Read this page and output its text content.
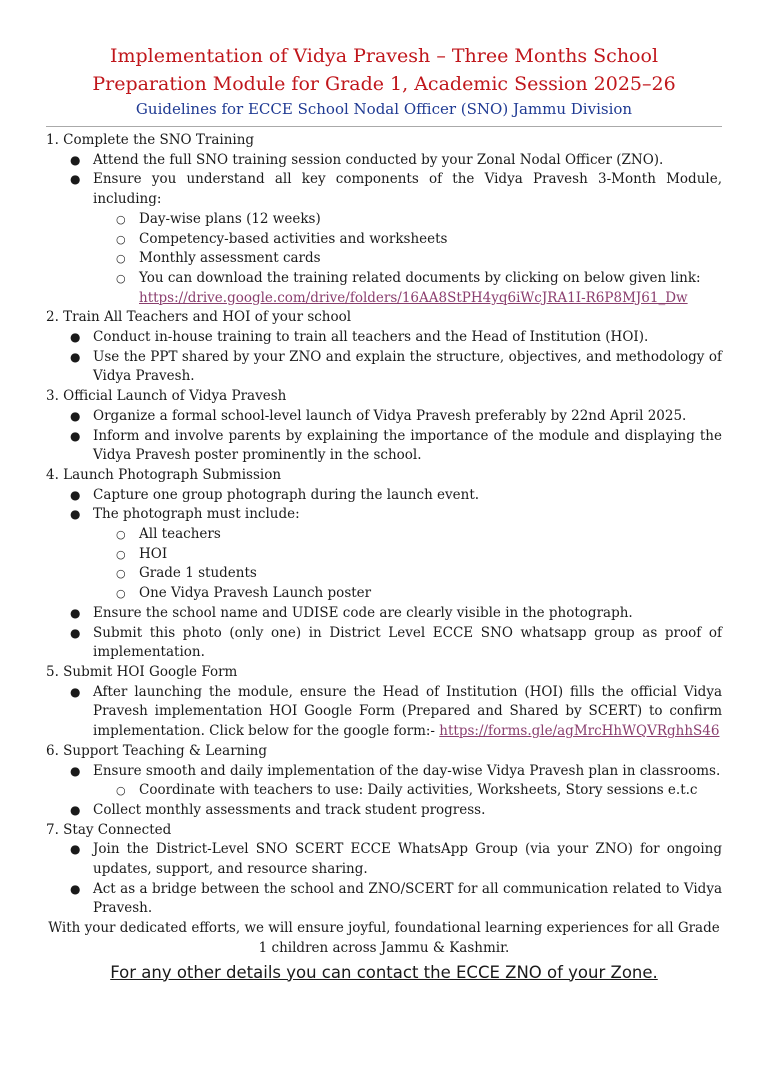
Implementation of Vidya Pravesh – Three Months School
Preparation Module for Grade 1, Academic Session 2025–26
Guidelines for ECCE School Nodal Officer (SNO) Jammu Division
1. Complete the SNO Training
● Attend the full SNO training session conducted by your Zonal Nodal Officer (ZNO).
● Ensure you understand all key components of the Vidya Pravesh 3-Month Module, including:
○ Day-wise plans (12 weeks)
○ Competency-based activities and worksheets
○ Monthly assessment cards
○ You can download the training related documents by clicking on below given link:
https://drive.google.com/drive/folders/16AA8StPH4yq6iWcJRA1I-R6P8MJ61_Dw
2. Train All Teachers and HOI of your school
● Conduct in-house training to train all teachers and the Head of Institution (HOI).
● Use the PPT shared by your ZNO and explain the structure, objectives, and methodology of Vidya Pravesh.
3. Official Launch of Vidya Pravesh
● Organize a formal school-level launch of Vidya Pravesh preferably by 22nd April 2025.
● Inform and involve parents by explaining the importance of the module and displaying the Vidya Pravesh poster prominently in the school.
4. Launch Photograph Submission
● Capture one group photograph during the launch event.
● The photograph must include:
○ All teachers
○ HOI
○ Grade 1 students
○ One Vidya Pravesh Launch poster
● Ensure the school name and UDISE code are clearly visible in the photograph.
● Submit this photo (only one) in District Level ECCE SNO whatsapp group as proof of implementation.
5. Submit HOI Google Form
● After launching the module, ensure the Head of Institution (HOI) fills the official Vidya Pravesh implementation HOI Google Form (Prepared and Shared by SCERT) to confirm implementation. Click below for the google form:- https://forms.gle/agMrcHhWQVRghhS46
6. Support Teaching & Learning
● Ensure smooth and daily implementation of the day-wise Vidya Pravesh plan in classrooms.
○ Coordinate with teachers to use: Daily activities, Worksheets, Story sessions e.t.c
● Collect monthly assessments and track student progress.
7. Stay Connected
● Join the District-Level SNO SCERT ECCE WhatsApp Group (via your ZNO) for ongoing updates, support, and resource sharing.
● Act as a bridge between the school and ZNO/SCERT for all communication related to Vidya Pravesh.
With your dedicated efforts, we will ensure joyful, foundational learning experiences for all Grade 1 children across Jammu & Kashmir.
For any other details you can contact the ECCE ZNO of your Zone.
